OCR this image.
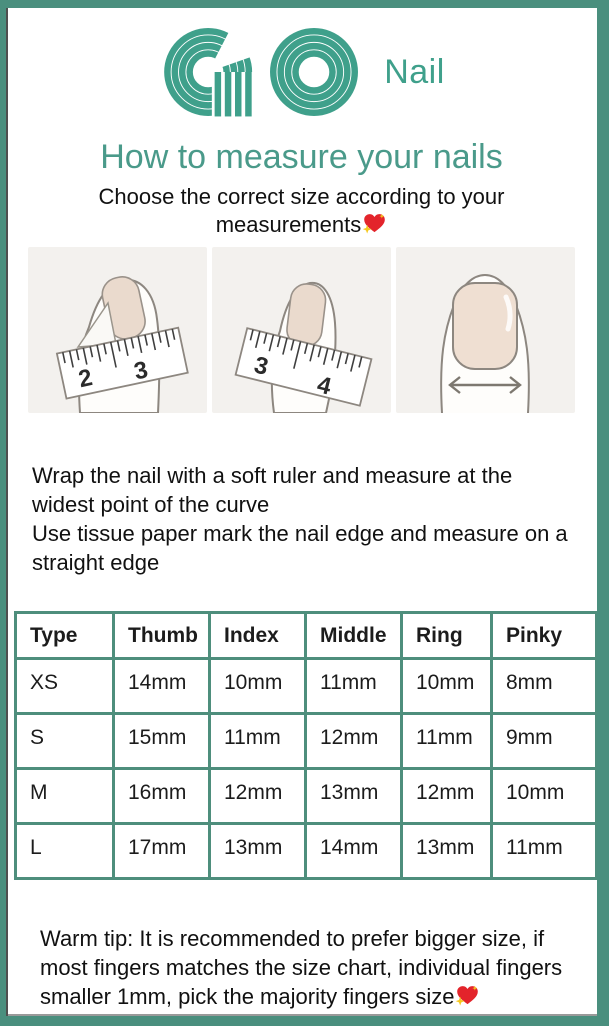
Nail
How to measure your nails

Choose the correct size according to your measurements

2 3	3
4

Wrap the nail with a soft ruler and measure at the widest point of the curve

Use tissue paper mark the nail edge and measure on a straight edge

Type	Thumb	Index	Middle	Ring	Pinky
XS	14mm	10mm	11mm	10mm	8mm
S	15mm	11mm	12mm	11mm	9mm
M	16mm	12mm	13mm	12mm	10mm
L	17mm	13mm	14mm	13mm	11mm

Warm tip: It is recommended to prefer bigger size, if most fingers matches the size chart, individual fingers smaller 1mm, pick the majority fingers size
